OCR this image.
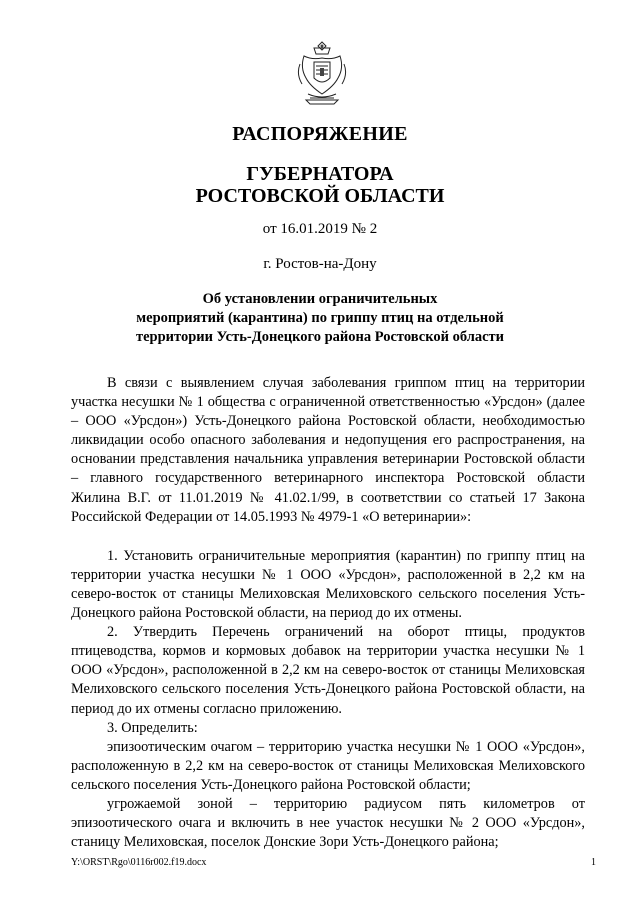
РАСПОРЯЖЕНИЕ
ГУБЕРНАТОРА
РОСТОВСКОЙ ОБЛАСТИ
от 16.01.2019 № 2
г. Ростов-на-Дону
Об установлении ограничительных
мероприятий (карантина) по гриппу птиц на отдельной
территории Усть-Донецкого района Ростовской области

В связи с выявлением случая заболевания гриппом птиц на территории участка несушки № 1 общества с ограниченной ответственностью «Урсдон» (далее – ООО «Урсдон») Усть-Донецкого района Ростовской области, необходимостью ликвидации особо опасного заболевания и недопущения его распространения, на основании представления начальника управления ветеринарии Ростовской области – главного государственного ветеринарного инспектора Ростовской области Жилина В.Г. от 11.01.2019 № 41.02.1/99, в соответствии со статьей 17 Закона Российской Федерации от 14.05.1993 № 4979-1 «О ветеринарии»:

1. Установить ограничительные мероприятия (карантин) по гриппу птиц на территории участка несушки № 1 ООО «Урсдон», расположенной в 2,2 км на северо-восток от станицы Мелиховская Мелиховского сельского поселения Усть-Донецкого района Ростовской области, на период до их отмены.

2. Утвердить Перечень ограничений на оборот птицы, продуктов птицеводства, кормов и кормовых добавок на территории участка несушки № 1 ООО «Урсдон», расположенной в 2,2 км на северо-восток от станицы Мелиховская Мелиховского сельского поселения Усть-Донецкого района Ростовской области, на период до их отмены согласно приложению.

3. Определить:

эпизоотическим очагом – территорию участка несушки № 1 ООО «Урсдон», расположенную в 2,2 км на северо-восток от станицы Мелиховская Мелиховского сельского поселения Усть-Донецкого района Ростовской области;

угрожаемой зоной – территорию радиусом пять километров от эпизоотического очага и включить в нее участок несушки № 2 ООО «Урсдон», станицу Мелиховская, поселок Донские Зори Усть-Донецкого района;

Y:\ORST\Rgo\0116r002.f19.docx	1
